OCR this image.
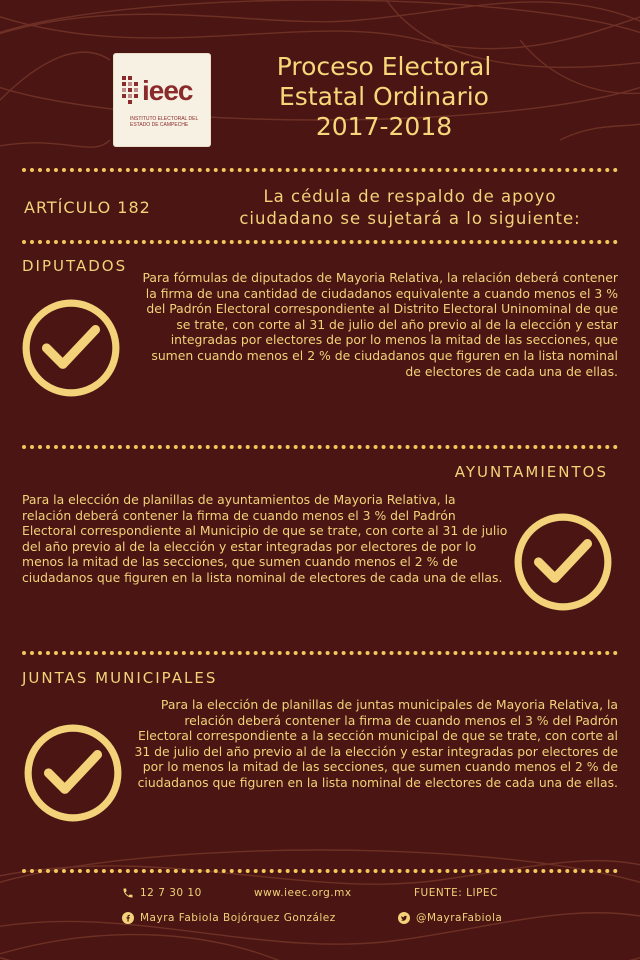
ieec
INSTITUTO ELECTORAL DEL ESTADO DE CAMPECHE
Proceso Electoral
Estatal Ordinario
2017-2018
ARTÍCULO 182
La cédula de respaldo de apoyo
ciudadano se sujetará a lo siguiente:
DIPUTADOS
Para fórmulas de diputados de Mayoria Relativa, la relación deberá contener la firma de una cantidad de ciudadanos equivalente a cuando menos el 3 % del Padrón Electoral correspondiente al Distrito Electoral Uninominal de que se trate, con corte al 31 de julio del año previo al de la elección y estar integradas por electores de por lo menos la mitad de las secciones, que sumen cuando menos el 2 % de ciudadanos que figuren en la lista nominal de electores de cada una de ellas.
AYUNTAMIENTOS
Para la elección de planillas de ayuntamientos de Mayoria Relativa, la relación deberá contener la firma de cuando menos el 3 % del Padrón Electoral correspondiente al Municipio de que se trate, con corte al 31 de julio del año previo al de la elección y estar integradas por electores de por lo menos la mitad de las secciones, que sumen cuando menos el 2 % de ciudadanos que figuren en la lista nominal de electores de cada una de ellas.
JUNTAS MUNICIPALES
Para la elección de planillas de juntas municipales de Mayoria Relativa, la relación deberá contener la firma de cuando menos el 3 % del Padrón Electoral correspondiente a la sección municipal de que se trate, con corte al 31 de julio del año previo al de la elección y estar integradas por electores de por lo menos la mitad de las secciones, que sumen cuando menos el 2 % de ciudadanos que figuren en la lista nominal de electores de cada una de ellas.
12 7 30 10	www.ieec.org.mx	FUENTE: LIPEC
Mayra Fabiola Bojórquez González	@MayraFabiola
